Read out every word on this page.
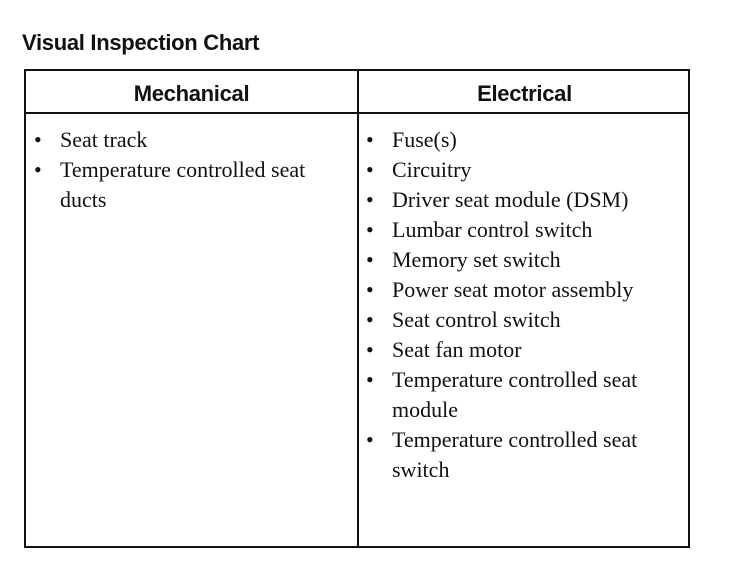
Visual Inspection Chart
Mechanical	Electrical
• Seat track
• Temperature controlled seat ducts
• Fuse(s)
• Circuitry
• Driver seat module (DSM)
• Lumbar control switch
• Memory set switch
• Power seat motor assembly
• Seat control switch
• Seat fan motor
• Temperature controlled seat module
• Temperature controlled seat switch
